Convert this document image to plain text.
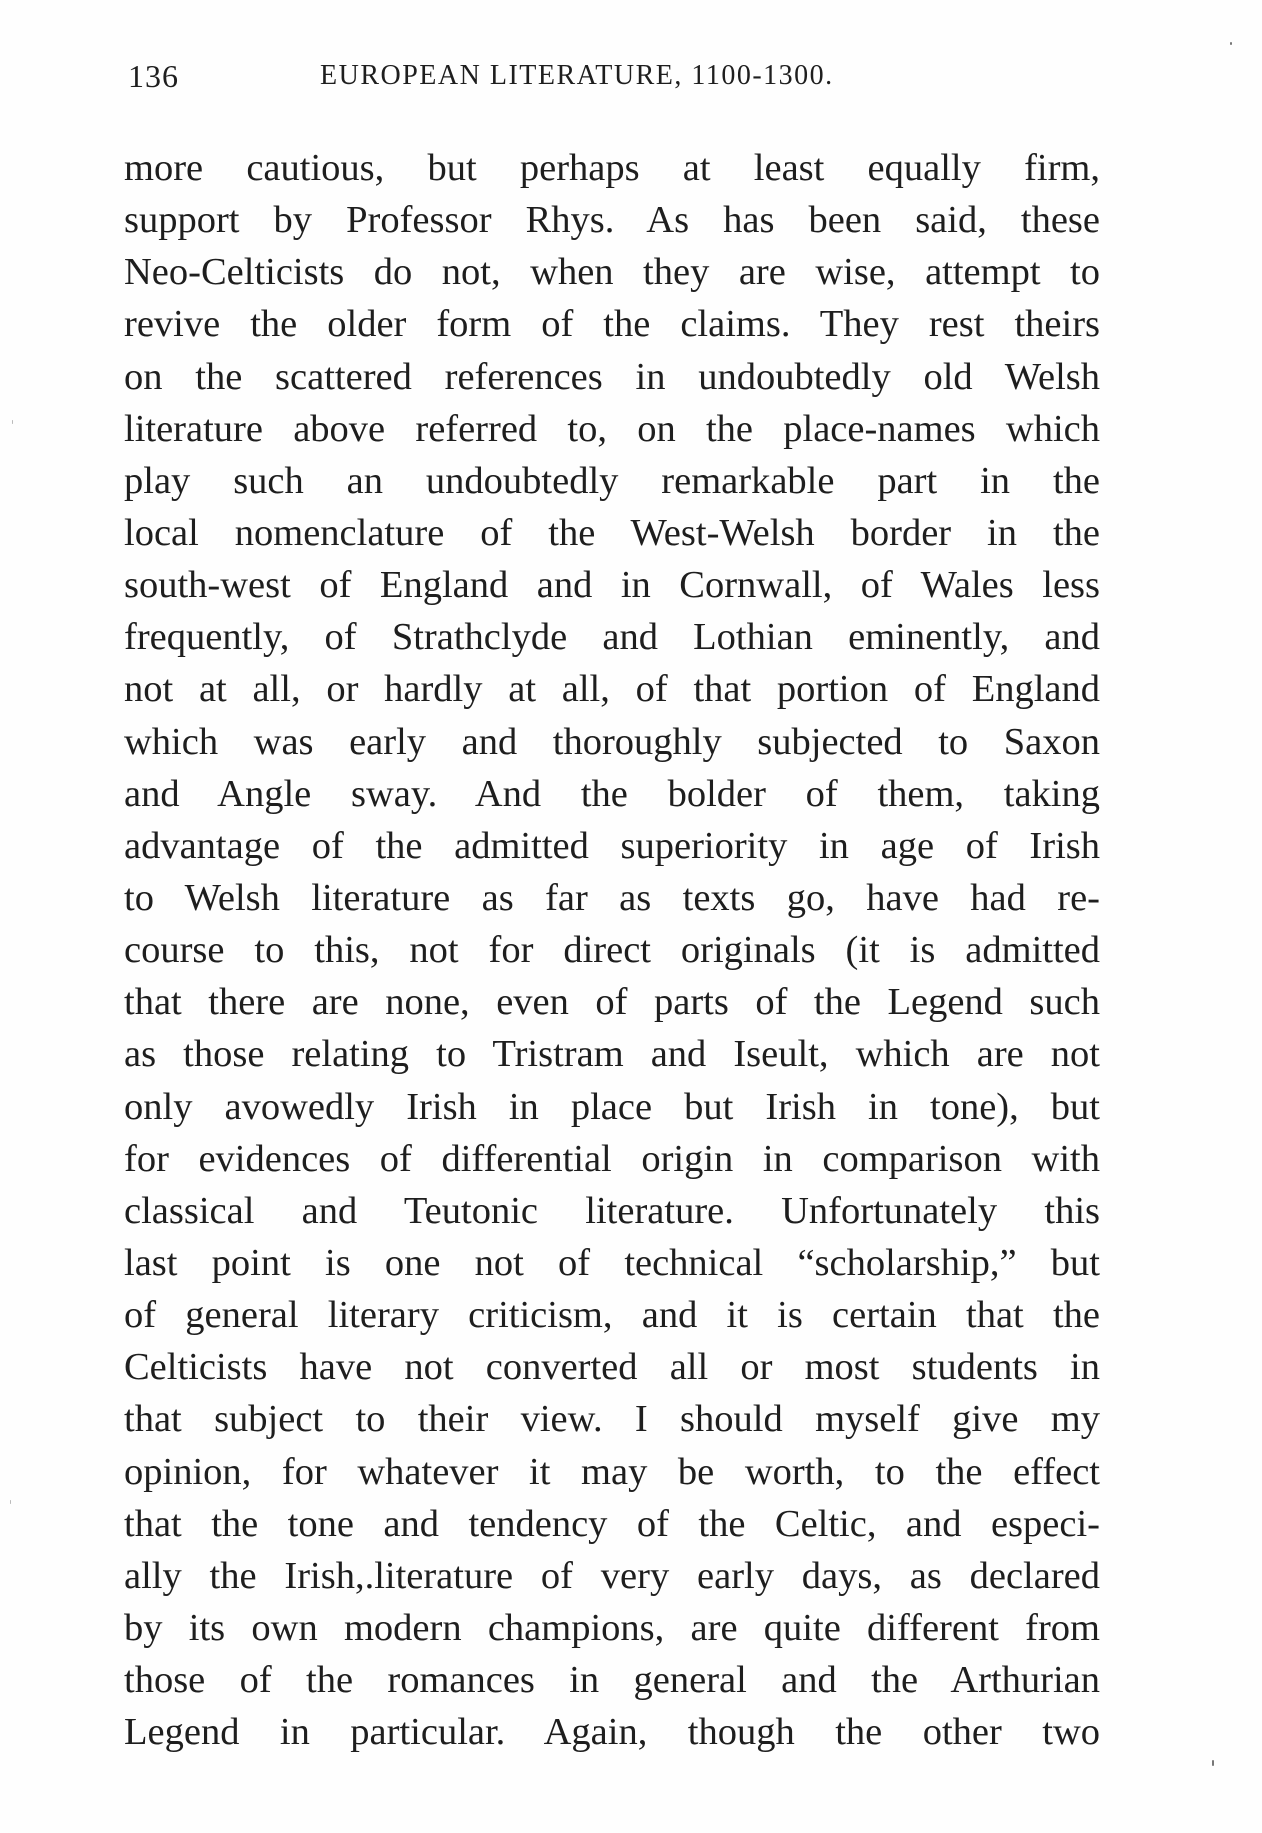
136	EUROPEAN LITERATURE, 1100-1300.
more cautious, but perhaps at least equally firm,
support by Professor Rhys. As has been said, these
Neo-Celticists do not, when they are wise, attempt to
revive the older form of the claims. They rest theirs
on the scattered references in undoubtedly old Welsh
literature above referred to, on the place-names which
play such an undoubtedly remarkable part in the
local nomenclature of the West-Welsh border in the
south-west of England and in Cornwall, of Wales less
frequently, of Strathclyde and Lothian eminently, and
not at all, or hardly at all, of that portion of England
which was early and thoroughly subjected to Saxon
and Angle sway. And the bolder of them, taking
advantage of the admitted superiority in age of Irish
to Welsh literature as far as texts go, have had re-
course to this, not for direct originals (it is admitted
that there are none, even of parts of the Legend such
as those relating to Tristram and Iseult, which are not
only avowedly Irish in place but Irish in tone), but
for evidences of differential origin in comparison with
classical and Teutonic literature. Unfortunately this
last point is one not of technical “scholarship,” but
of general literary criticism, and it is certain that the
Celticists have not converted all or most students in
that subject to their view. I should myself give my
opinion, for whatever it may be worth, to the effect
that the tone and tendency of the Celtic, and especi-
ally the Irish,.literature of very early days, as declared
by its own modern champions, are quite different from
those of the romances in general and the Arthurian
Legend in particular. Again, though the other two
